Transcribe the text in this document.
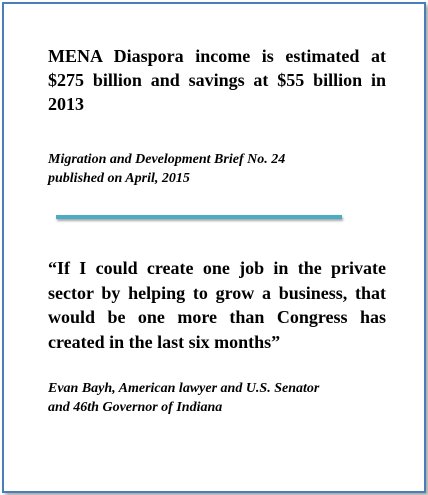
MENA Diaspora income is estimated at $275 billion and savings at $55 billion in 2013

Migration and Development Brief No. 24
published on April, 2015

“If I could create one job in the private sector by helping to grow a business, that would be one more than Congress has created in the last six months”

Evan Bayh, American lawyer and U.S. Senator
and 46th Governor of Indiana
